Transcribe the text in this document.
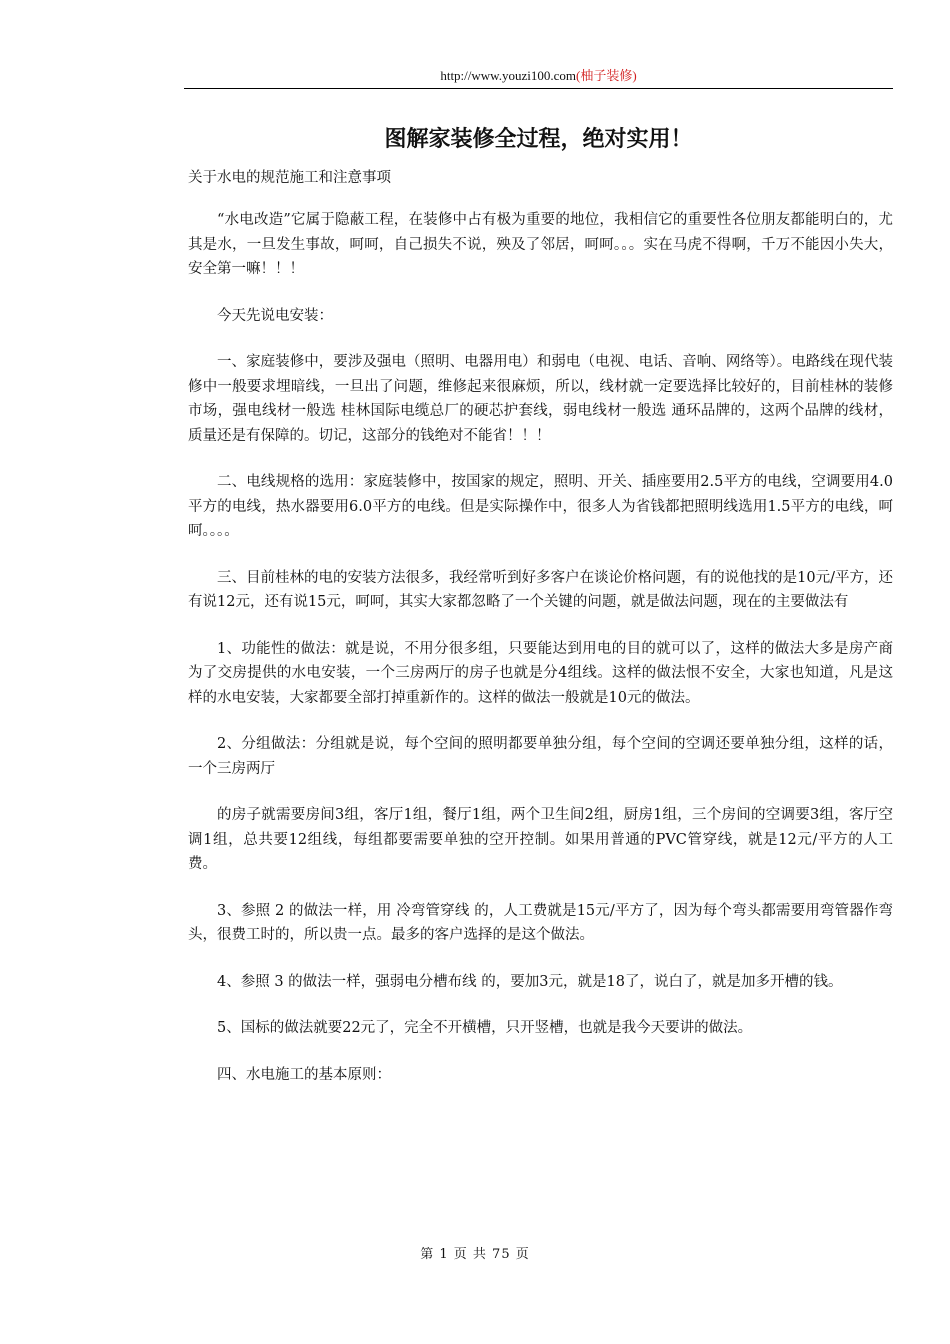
http://www.youzi100.com(柚子装修)
图解家装修全过程，绝对实用！

关于水电的规范施工和注意事项

“水电改造”它属于隐蔽工程，在装修中占有极为重要的地位，我相信它的重要性各位朋友都能明白的，尤其是水，一旦发生事故，呵呵，自己损失不说，殃及了邻居，呵呵。。。实在马虎不得啊，千万不能因小失大，安全第一嘛！！！

今天先说电安装：

一、家庭装修中，要涉及强电（照明、电器用电）和弱电（电视、电话、音响、网络等）。电路线在现代装修中一般要求埋暗线，一旦出了问题，维修起来很麻烦，所以，线材就一定要选择比较好的，目前桂林的装修市场，强电线材一般选 桂林国际电缆总厂的硬芯护套线，弱电线材一般选 通环品牌的，这两个品牌的线材，质量还是有保障的。切记，这部分的钱绝对不能省！！！

二、电线规格的选用：家庭装修中，按国家的规定，照明、开关、插座要用2.5平方的电线，空调要用4.0平方的电线，热水器要用6.0平方的电线。但是实际操作中，很多人为省钱都把照明线选用1.5平方的电线，呵呵。。。。

三、目前桂林的电的安装方法很多，我经常听到好多客户在谈论价格问题，有的说他找的是10元/平方，还有说12元，还有说15元，呵呵，其实大家都忽略了一个关键的问题，就是做法问题，现在的主要做法有

1、功能性的做法：就是说，不用分很多组，只要能达到用电的目的就可以了，这样的做法大多是房产商为了交房提供的水电安装，一个三房两厅的房子也就是分4组线。这样的做法恨不安全，大家也知道，凡是这样的水电安装，大家都要全部打掉重新作的。这样的做法一般就是10元的做法。

2、分组做法：分组就是说，每个空间的照明都要单独分组，每个空间的空调还要单独分组，这样的话，一个三房两厅

的房子就需要房间3组，客厅1组，餐厅1组，两个卫生间2组，厨房1组，三个房间的空调要3组，客厅空调1组，总共要12组线，每组都要需要单独的空开控制。如果用普通的PVC管穿线，就是12元/平方的人工费。

3、参照 2 的做法一样，用 冷弯管穿线 的，人工费就是15元/平方了，因为每个弯头都需要用弯管器作弯头，很费工时的，所以贵一点。最多的客户选择的是这个做法。

4、参照 3 的做法一样，强弱电分槽布线 的，要加3元，就是18了，说白了，就是加多开槽的钱。

5、国标的做法就要22元了，完全不开横槽，只开竖槽，也就是我今天要讲的做法。

四、水电施工的基本原则：

第 1 页 共 75 页
